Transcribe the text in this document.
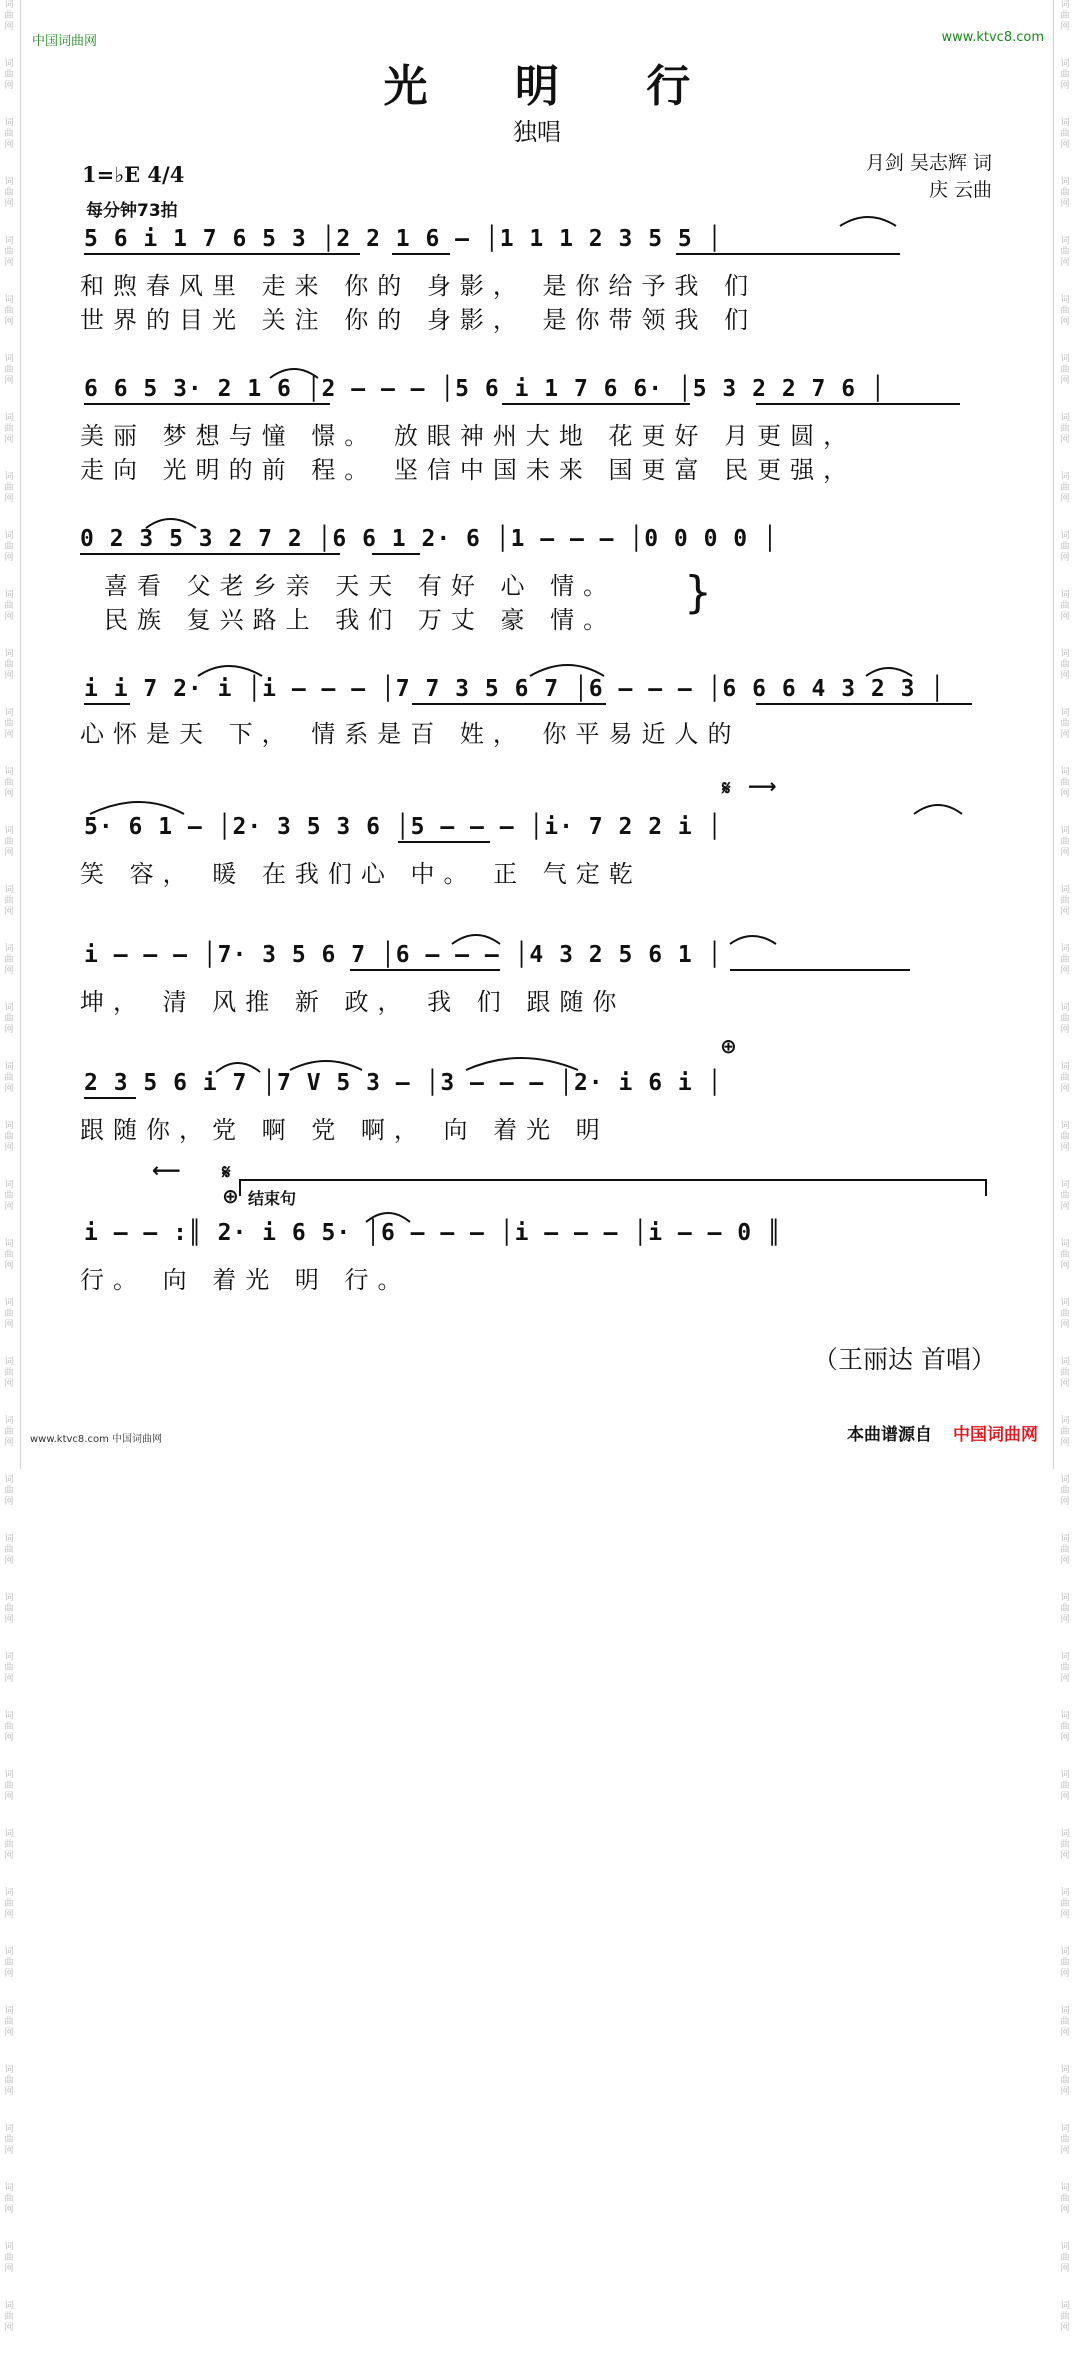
词
曲
网
词
曲
网
词
曲
网
词
曲
网
词
曲
网
词
曲
网
词
曲
网
词
曲
网
词
曲
网
词
曲
网
词
曲
网
词
曲
网
词
曲
网
词
曲
网
词
曲
网
词
曲
网
词
曲
网
词
曲
网
词
曲
网
词
曲
网
词
曲
网
词
曲
网
词
曲
网
词
曲
网
词
曲
网
词
曲
网
词
曲
网
词
曲
网
词
曲
网
词
曲
网
词
曲
网
词
曲
网
词
曲
网
词
曲
网
词
曲
网
词
曲
网
词
曲
网
词
曲
网
词
曲
网
词
曲
网
词
曲
网
词
曲
网
词
曲
网
词
曲
网
词
曲
网
词
曲
网
词
曲
网
词
曲
网
词
曲
网
词
曲
网
词
曲
网
词
曲
网
词
曲
网
词
曲
网
词
曲
网
词
曲
网
词
曲
网
词
曲
网
词
曲
网
词
曲
网
词
曲
网
词
曲
网
词
曲
网
词
曲
网
词
曲
网
词
曲
网
词
曲
网
词
曲
网
词
曲
网
词
曲
网
词
曲
网
词
曲
网
词
曲
网
词
曲
网
词
曲
网
词
曲
网
词
曲
网
词
曲
网
词
曲
网
词
曲
网
中国词曲网	www.ktvc8.com
光 明 行
独唱
1=♭E 4/4
每分钟73拍
月剑 吴志辉 词
庆 云曲
5 6 i 1 7 6 5 3 │2 2 1 6 – │1 1 1 2 3 5 5 │
和煦春风里 走来 你的 身影， 是你给予我 们
世界的目光 关注 你的 身影， 是你带领我 们
6 6 5 3· 2 1 6 │2 – – – │5 6 i 1 7 6 6· │5 3 2 2 7 6 │
美丽 梦想与憧 憬。 放眼神州大地 花更好 月更圆，
走向 光明的前 程。 坚信中国未来 国更富 民更强，
0 2 3 5 3 2 7 2 │6 6 1 2· 6 │1 – – – │0 0 0 0 │
喜看 父老乡亲 天天 有好 心 情。
民族 复兴路上 我们 万丈 豪 情。
}
i i 7 2· i │i – – – │7 7 3 5 6 7 │6 – – – │6 6 6 4 3 2 3 │
心怀是天 下， 情系是百 姓， 你平易近人的
𝄋 ⟶
5· 6 1 – │2· 3 5 3 6 │5 – – – │i· 7 2 2 i │
笑 容， 暖 在我们心 中。 正 气定乾
i – – – │7· 3 5 6 7 │6 – – – │4 3 2 5 6 1 │
坤， 清 风推 新 政， 我 们 跟随你
⊕
2 3 5 6 i 7 │7 V 5 3 – │3 – – – │2· i 6 i │
跟随你，党 啊 党 啊， 向 着光 明
⟵ 𝄋
⊕ 结束句
i – – :║ 2· i 6 5· │6 – – – │i – – – │i – – 0 ║
行。 向 着光 明 行。
（王丽达 首唱）
www.ktvc8.com 中国词曲网	本曲谱源自 中国词曲网
